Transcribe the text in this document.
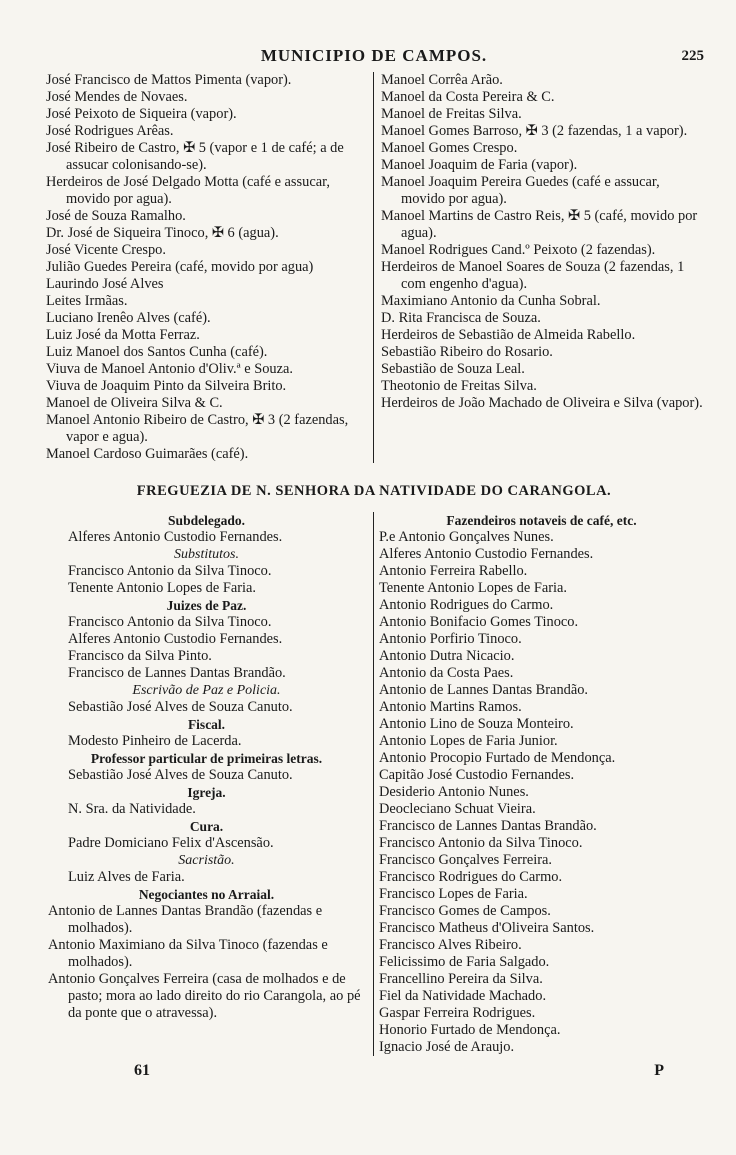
MUNICIPIO DE CAMPOS.	225
José Francisco de Mattos Pimenta (vapor).
José Mendes de Novaes.
José Peixoto de Siqueira (vapor).
José Rodrigues Arêas.
José Ribeiro de Castro, ✠ 5 (vapor e 1 de café; a de assucar colonisando-se).
Herdeiros de José Delgado Motta (café e assucar, movido por agua).
José de Souza Ramalho.
Dr. José de Siqueira Tinoco, ✠ 6 (agua).
José Vicente Crespo.
Julião Guedes Pereira (café, movido por agua)
Laurindo José Alves
Leites Irmãas.
Luciano Irenêo Alves (café).
Luiz José da Motta Ferraz.
Luiz Manoel dos Santos Cunha (café).
Viuva de Manoel Antonio d'Oliv.ª e Souza.
Viuva de Joaquim Pinto da Silveira Brito.
Manoel de Oliveira Silva & C.
Manoel Antonio Ribeiro de Castro, ✠ 3 (2 fazendas, vapor e agua).
Manoel Cardoso Guimarães (café).
Manoel Corrêa Arão.
Manoel da Costa Pereira & C.
Manoel de Freitas Silva.
Manoel Gomes Barroso, ✠ 3 (2 fazendas, 1 a vapor).
Manoel Gomes Crespo.
Manoel Joaquim de Faria (vapor).
Manoel Joaquim Pereira Guedes (café e assucar, movido por agua).
Manoel Martins de Castro Reis, ✠ 5 (café, movido por agua).
Manoel Rodrigues Cand.º Peixoto (2 fazendas).
Herdeiros de Manoel Soares de Souza (2 fazendas, 1 com engenho d'agua).
Maximiano Antonio da Cunha Sobral.
D. Rita Francisca de Souza.
Herdeiros de Sebastião de Almeida Rabello.
Sebastião Ribeiro do Rosario.
Sebastião de Souza Leal.
Theotonio de Freitas Silva.
Herdeiros de João Machado de Oliveira e Silva (vapor).
FREGUEZIA DE N. SENHORA DA NATIVIDADE DO CARANGOLA.
Subdelegado.
Alferes Antonio Custodio Fernandes.
Substitutos.
Francisco Antonio da Silva Tinoco.
Tenente Antonio Lopes de Faria.
Juizes de Paz.
Francisco Antonio da Silva Tinoco.
Alferes Antonio Custodio Fernandes.
Francisco da Silva Pinto.
Francisco de Lannes Dantas Brandão.
Escrivão de Paz e Policia.
Sebastião José Alves de Souza Canuto.
Fiscal.
Modesto Pinheiro de Lacerda.
Professor particular de primeiras letras.
Sebastião José Alves de Souza Canuto.
Igreja.
N. Sra. da Natividade.
Cura.
Padre Domiciano Felix d'Ascensão.
Sacristão.
Luiz Alves de Faria.
Negociantes no Arraial.
Antonio de Lannes Dantas Brandão (fazendas e molhados).
Antonio Maximiano da Silva Tinoco (fazendas e molhados).
Antonio Gonçalves Ferreira (casa de molhados e de pasto; mora ao lado direito do rio Carangola, ao pé da ponte que o atravessa).
Fazendeiros notaveis de café, etc.
P.e Antonio Gonçalves Nunes.
Alferes Antonio Custodio Fernandes.
Antonio Ferreira Rabello.
Tenente Antonio Lopes de Faria.
Antonio Rodrigues do Carmo.
Antonio Bonifacio Gomes Tinoco.
Antonio Porfirio Tinoco.
Antonio Dutra Nicacio.
Antonio da Costa Paes.
Antonio de Lannes Dantas Brandão.
Antonio Martins Ramos.
Antonio Lino de Souza Monteiro.
Antonio Lopes de Faria Junior.
Antonio Procopio Furtado de Mendonça.
Capitão José Custodio Fernandes.
Desiderio Antonio Nunes.
Deocleciano Schuat Vieira.
Francisco de Lannes Dantas Brandão.
Francisco Antonio da Silva Tinoco.
Francisco Gonçalves Ferreira.
Francisco Rodrigues do Carmo.
Francisco Lopes de Faria.
Francisco Gomes de Campos.
Francisco Matheus d'Oliveira Santos.
Francisco Alves Ribeiro.
Felicissimo de Faria Salgado.
Francellino Pereira da Silva.
Fiel da Natividade Machado.
Gaspar Ferreira Rodrigues.
Honorio Furtado de Mendonça.
Ignacio José de Araujo.
61	P
